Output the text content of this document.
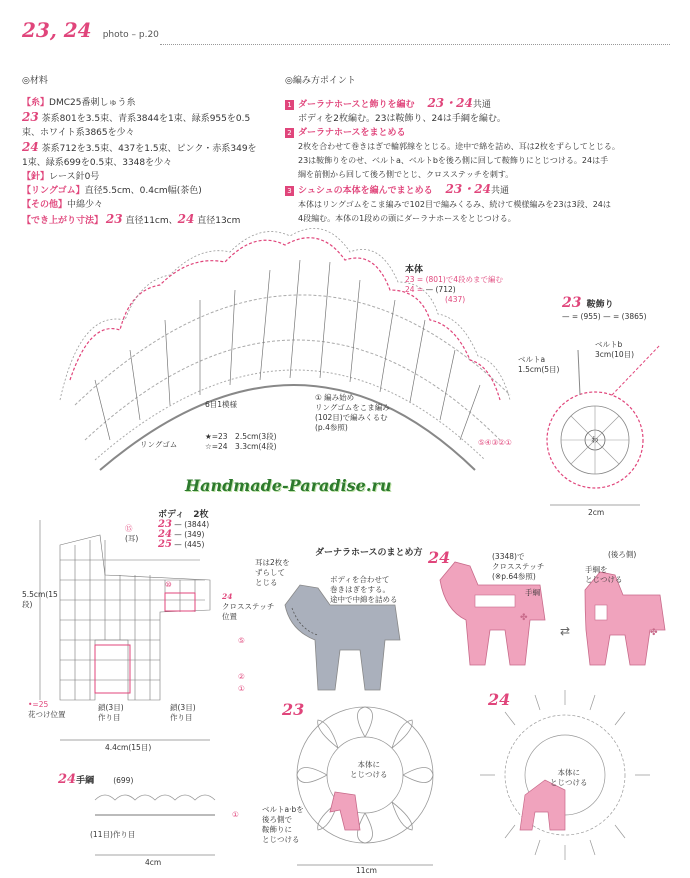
23, 24 photo – p.20
◎材料
【糸】DMC25番刺しゅう糸
23 茶系801を3.5束、青系3844を1束、緑系955を0.5
束、ホワイト系3865を少々
24 茶系712を3.5束、437を1.5束、ピンク・赤系349を
1束、緑系699を0.5束、3348を少々
【針】レース針0号
【リングゴム】直径5.5cm、0.4cm幅(茶色)
【その他】中綿少々
【でき上がり寸法】 23 直径11cm、24 直径13cm
◎編み方ポイント
1 ダーラナホースと飾りを編む 23・24共通
ボディを2枚編む。23は鞍飾り、24は手綱を編む。
2 ダーラナホースをまとめる
2枚を合わせて巻きはぎで輪郭線をとじる。途中で綿を詰め、耳は2枚をずらしてとじる。
23は鞍飾りをのせ、ベルトa、ベルトbを後ろ側に回して鞍飾りにとじつける。24は手
綱を前側から回して後ろ側でとじ、クロスステッチを刺す。
3 シュシュの本体を編んでまとめる 23・24共通
本体はリングゴムをこま編みで102目で編みくるみ、続けて模様編みを23は3段、24は
4段編む。本体の1段めの頭にダーラナホースをとじつける。
✤
✤
⇄
本体
23 = (801)で4段めまで編む
24 = — (712)
(437)
6目1模様
リングゴム
① 編み始め
リングゴムをこま編み
(102目)で編みくるむ
(p.4参照)
★=23　2.5cm(3段)
☆=24　3.3cm(4段)	⑤④③②①
23 鞍飾り
— = (955) — = (3865)
ベルトa
1.5cm(5目)
ベルトb
3cm(10目)
わ
2cm
Handmade-Paradise.ru
ボディ　2枚
23 — (3844)
24 — (349)
25 — (445)
⑮
(耳)
⑩
24
クロスステッチ
位置
⑤
②
①
5.5cm(15段)
•=25
花つけ位置
鎖(3目)
作り目
鎖(3目)
作り目
4.4cm(15目)
24手綱	(699)
(11目)作り目
①
4cm
ダーナラホースのまとめ方
耳は2枚を
ずらして
とじる	ボディを合わせて
巻きはぎをする。
途中で中綿を詰める
24	(3348)で
クロスステッチ
(※p.64参照)
手綱
(後ろ側)
手綱を
とじつける
23
本体に
とじつける
ベルトa·bを
後ろ側で
鞍飾りに
とじつける
11cm
24
本体に
とじつける
